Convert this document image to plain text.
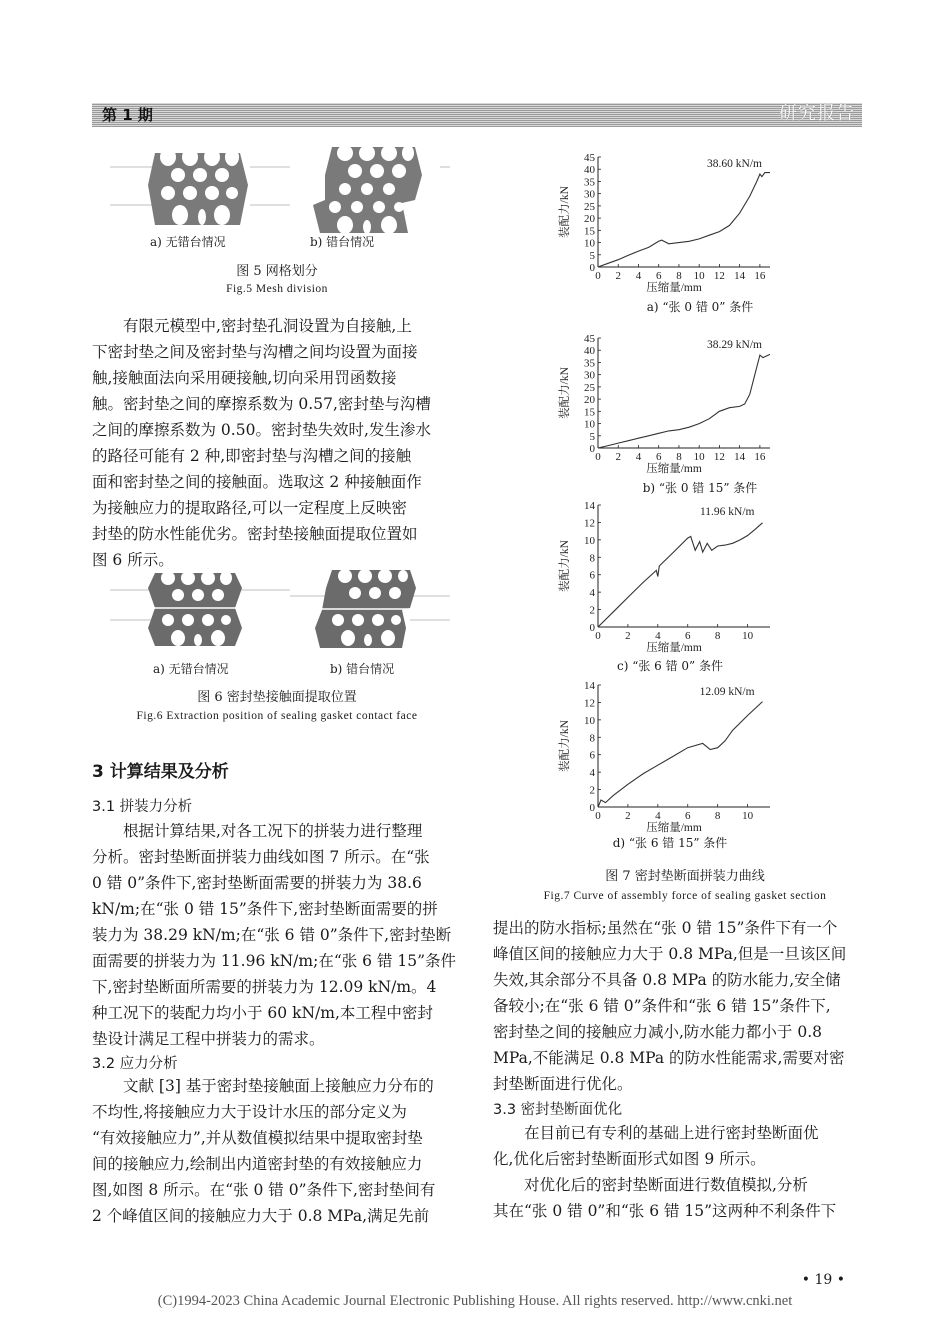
第 1 期	研究报告
a) 无错台情况	b) 错台情况
图 5 网格划分
Fig.5 Mesh division
有限元模型中,密封垫孔洞设置为自接触,上
下密封垫之间及密封垫与沟槽之间均设置为面接
触,接触面法向采用硬接触,切向采用罚函数接
触。密封垫之间的摩擦系数为 0.57,密封垫与沟槽
之间的摩擦系数为 0.50。密封垫失效时,发生渗水
的路径可能有 2 种,即密封垫与沟槽之间的接触
面和密封垫之间的接触面。选取这 2 种接触面作
为接触应力的提取路径,可以一定程度上反映密
封垫的防水性能优劣。密封垫接触面提取位置如
图 6 所示。
a) 无错台情况	b) 错台情况
图 6 密封垫接触面提取位置
Fig.6 Extraction position of sealing gasket contact face
3 计算结果及分析
3.1 拼装力分析
根据计算结果,对各工况下的拼装力进行整理
分析。密封垫断面拼装力曲线如图 7 所示。在“张
0 错 0”条件下,密封垫断面需要的拼装力为 38.6
kN/m;在“张 0 错 15”条件下,密封垫断面需要的拼
装力为 38.29 kN/m;在“张 6 错 0”条件下,密封垫断
面需要的拼装力为 11.96 kN/m;在“张 6 错 15”条件
下,密封垫断面所需要的拼装力为 12.09 kN/m。4
种工况下的装配力均小于 60 kN/m,本工程中密封
垫设计满足工程中拼装力的需求。
3.2 应力分析
文献 [3] 基于密封垫接触面上接触应力分布的
不均性,将接触应力大于设计水压的部分定义为
“有效接触应力”,并从数值模拟结果中提取密封垫
间的接触应力,绘制出内道密封垫的有效接触应力
图,如图 8 所示。在“张 0 错 0”条件下,密封垫间有
2 个峰值区间的接触应力大于 0.8 MPa,满足先前
0 2 4 6 8 10 12 14 16
0
5
10
15
20
25
30
35
40
45
压缩量/mm
装配力/kN
38.60 kN/m
0 2 4 6 8 10 12 14 16
0
5
10
15
20
25
30
35
40
45
压缩量/mm
装配力/kN
38.29 kN/m
0 2 4 6 8 10
0
2
4
6
8
10
12
14
压缩量/mm
装配力/kN
11.96 kN/m
0 2 4 6 8 10
0
2
4
6
8
10
12
14
压缩量/mm
装配力/kN
12.09 kN/m
a) “张 0 错 0” 条件
b) “张 0 错 15” 条件
c) “张 6 错 0” 条件
d) “张 6 错 15” 条件
图 7 密封垫断面拼装力曲线
Fig.7 Curve of assembly force of sealing gasket section
提出的防水指标;虽然在“张 0 错 15”条件下有一个
峰值区间的接触应力大于 0.8 MPa,但是一旦该区间
失效,其余部分不具备 0.8 MPa 的防水能力,安全储
备较小;在“张 6 错 0”条件和“张 6 错 15”条件下,
密封垫之间的接触应力减小,防水能力都小于 0.8
MPa,不能满足 0.8 MPa 的防水性能需求,需要对密
封垫断面进行优化。
3.3 密封垫断面优化
在目前已有专利的基础上进行密封垫断面优
化,优化后密封垫断面形式如图 9 所示。
对优化后的密封垫断面进行数值模拟,分析
其在“张 0 错 0”和“张 6 错 15”这两种不利条件下
• 19 •
(C)1994-2023 China Academic Journal Electronic Publishing House. All rights reserved. http://www.cnki.net
